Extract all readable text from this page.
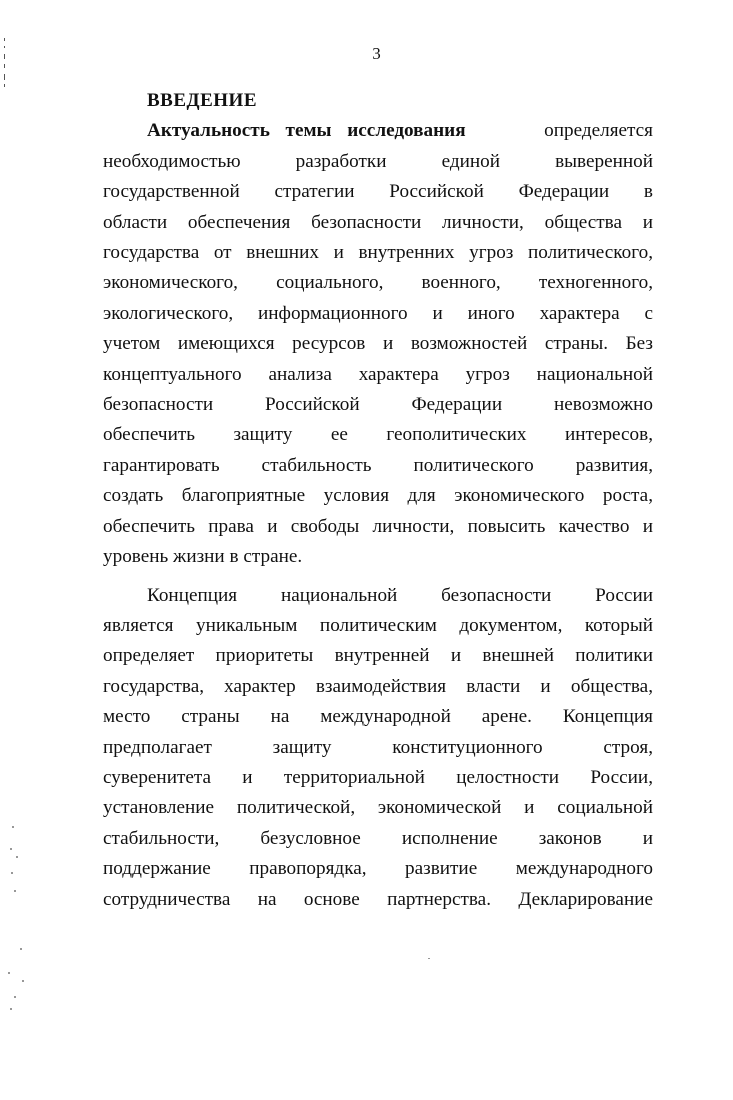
3
ВВЕДЕНИЕ
Актуальность темы исследования	определяется
необходимостью разработки единой выверенной
государственной стратегии Российской Федерации в
области обеспечения безопасности личности, общества и
государства от внешних и внутренних угроз политического,
экономического, социального, военного, техногенного,
экологического, информационного и иного характера с
учетом имеющихся ресурсов и возможностей страны. Без
концептуального анализа характера угроз национальной
безопасности Российской Федерации невозможно
обеспечить защиту ее геополитических интересов,
гарантировать стабильность политического развития,
создать благоприятные условия для экономического роста,
обеспечить права и свободы личности, повысить качество и
уровень жизни в стране.
Концепция национальной безопасности России
является уникальным политическим документом, который
определяет приоритеты внутренней и внешней политики
государства, характер взаимодействия власти и общества,
место страны на международной арене. Концепция
предполагает защиту конституционного строя,
суверенитета и территориальной целостности России,
установление политической, экономической и социальной
стабильности, безусловное исполнение законов и
поддержание правопорядка, развитие международного
сотрудничества на основе партнерства. Декларирование
